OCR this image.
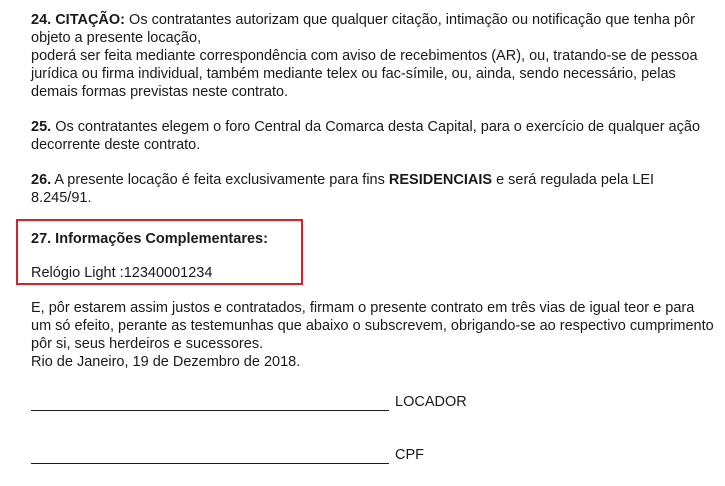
24. CITAÇÃO: Os contratantes autorizam que qualquer citação, intimação ou notificação que tenha pôr objeto a presente locação,
poderá ser feita mediante correspondência com aviso de recebimentos (AR), ou, tratando-se de pessoa jurídica ou firma individual, também mediante telex ou fac-símile, ou, ainda, sendo necessário, pelas demais formas previstas neste contrato.

25. Os contratantes elegem o foro Central da Comarca desta Capital, para o exercício de qualquer ação decorrente deste contrato.

26. A presente locação é feita exclusivamente para fins RESIDENCIAIS e será regulada pela LEI 8.245/91.

27. Informações Complementares:

Relógio Light :12340001234

E, pôr estarem assim justos e contratados, firmam o presente contrato em três vias de igual teor e para um só efeito, perante as testemunhas que abaixo o subscrevem, obrigando-se ao respectivo cumprimento pôr si, seus herdeiros e sucessores.

Rio de Janeiro, 19 de Dezembro de 2018.

LOCADOR
CPF
